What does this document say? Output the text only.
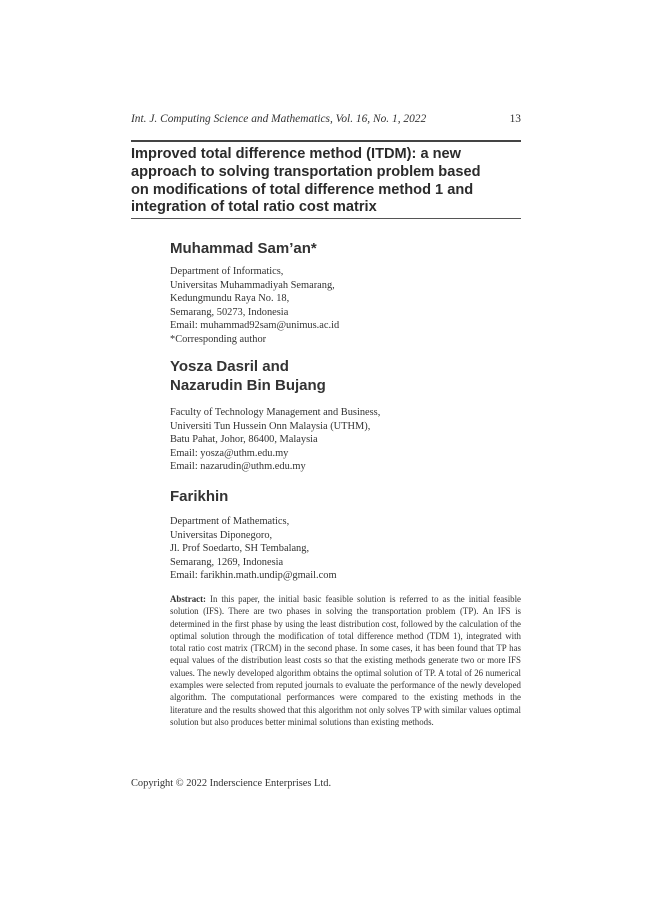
Int. J. Computing Science and Mathematics, Vol. 16, No. 1, 2022	13
Improved total difference method (ITDM): a new
approach to solving transportation problem based
on modifications of total difference method 1 and
integration of total ratio cost matrix
Muhammad Sam’an*
Department of Informatics,
Universitas Muhammadiyah Semarang,
Kedungmundu Raya No. 18,
Semarang, 50273, Indonesia
Email: muhammad92sam@unimus.ac.id
*Corresponding author
Yosza Dasril and
Nazarudin Bin Bujang
Faculty of Technology Management and Business,
Universiti Tun Hussein Onn Malaysia (UTHM),
Batu Pahat, Johor, 86400, Malaysia
Email: yosza@uthm.edu.my
Email: nazarudin@uthm.edu.my
Farikhin
Department of Mathematics,
Universitas Diponegoro,
Jl. Prof Soedarto, SH Tembalang,
Semarang, 1269, Indonesia
Email: farikhin.math.undip@gmail.com

Abstract: In this paper, the initial basic feasible solution is referred to as the initial feasible solution (IFS). There are two phases in solving the transportation problem (TP). An IFS is determined in the first phase by using the least distribution cost, followed by the calculation of the optimal solution through the modification of total difference method (TDM 1), integrated with total ratio cost matrix (TRCM) in the second phase. In some cases, it has been found that TP has equal values of the distribution least costs so that the existing methods generate two or more IFS values. The newly developed algorithm obtains the optimal solution of TP. A total of 26 numerical examples were selected from reputed journals to evaluate the performance of the newly developed algorithm. The computational performances were compared to the existing methods in the literature and the results showed that this algorithm not only solves TP with similar values optimal solution but also produces better minimal solutions than existing methods.

Copyright © 2022 Inderscience Enterprises Ltd.
